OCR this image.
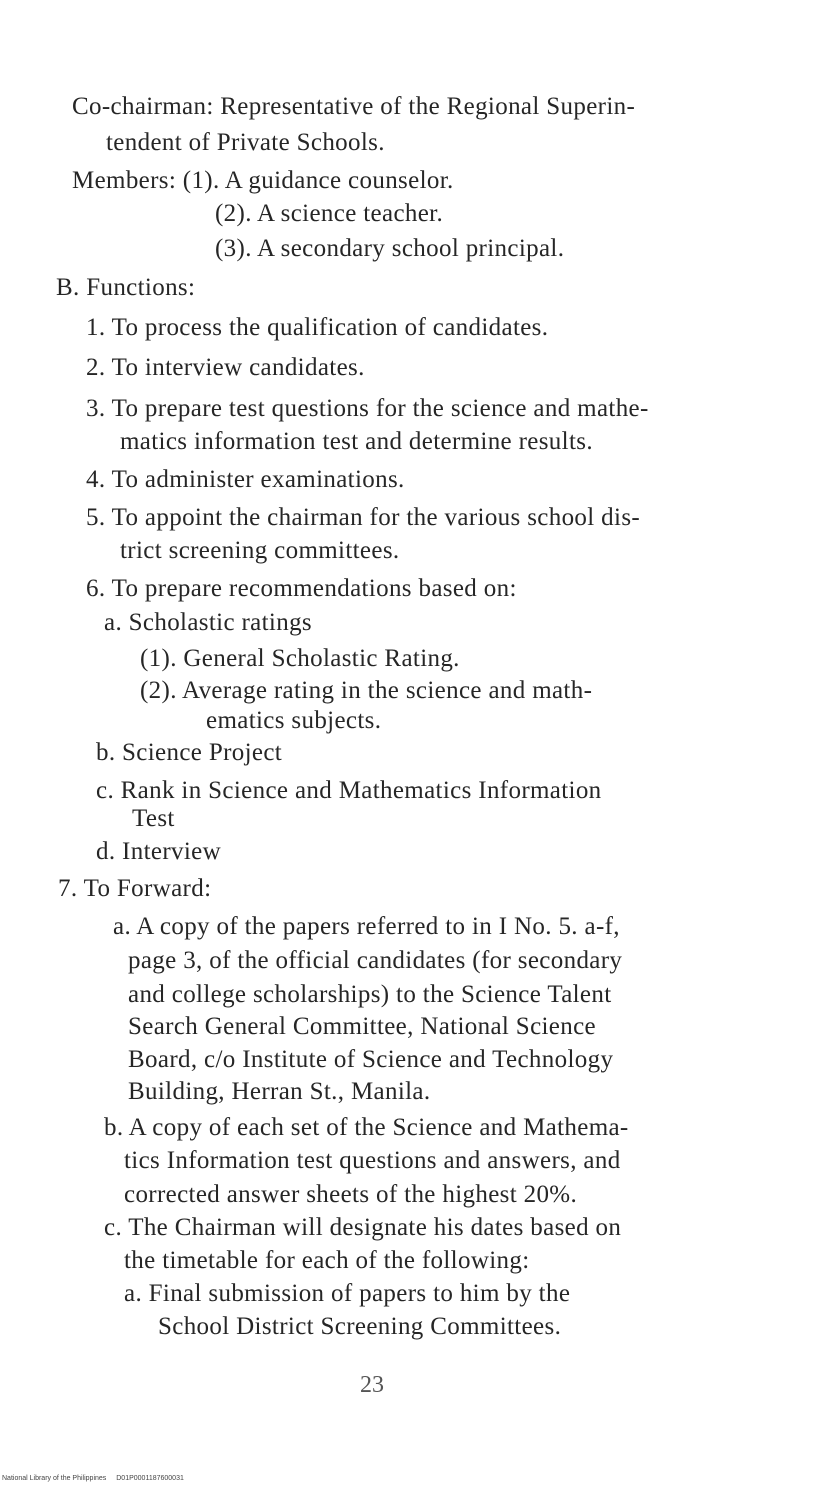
Co-chairman: Representative of the Regional Superin-
tendent of Private Schools.
Members: (1). A guidance counselor.
(2). A science teacher.
(3). A secondary school principal.
B. Functions:
1. To process the qualification of candidates.
2. To interview candidates.
3. To prepare test questions for the science and mathe-
matics information test and determine results.
4. To administer examinations.
5. To appoint the chairman for the various school dis-
trict screening committees.
6. To prepare recommendations based on:
a. Scholastic ratings
(1). General Scholastic Rating.
(2). Average rating in the science and math-
ematics subjects.
b. Science Project
c. Rank in Science and Mathematics Information
Test
d. Interview
7. To Forward:
a. A copy of the papers referred to in I No. 5. a-f,
page 3, of the official candidates (for secondary
and college scholarships) to the Science Talent
Search General Committee, National Science
Board, c/o Institute of Science and Technology
Building, Herran St., Manila.
b. A copy of each set of the Science and Mathema-
tics Information test questions and answers, and
corrected answer sheets of the highest 20%.
c. The Chairman will designate his dates based on
the timetable for each of the following:
a. Final submission of papers to him by the
School District Screening Committees.
23
National Library of the Philippines D01P0001187600031
